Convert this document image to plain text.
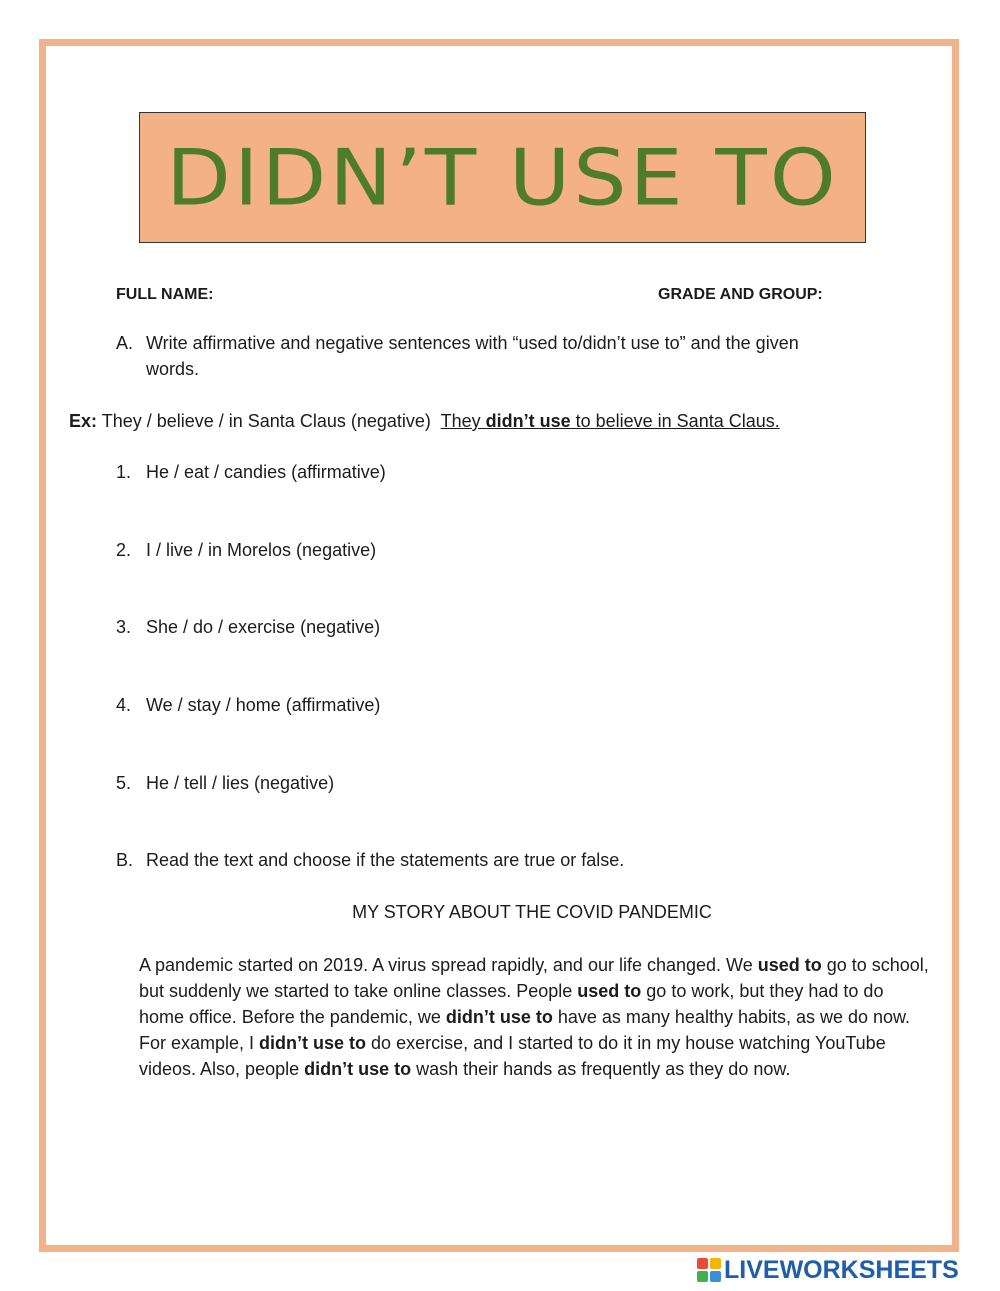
DIDN’T USE TO
FULL NAME:	GRADE AND GROUP:
A. Write affirmative and negative sentences with “used to/didn’t use to” and the given
words.
Ex: They / believe / in Santa Claus (negative) They didn’t use to believe in Santa Claus.
1. He / eat / candies (affirmative)
2. I / live / in Morelos (negative)
3. She / do / exercise (negative)
4. We / stay / home (affirmative)
5. He / tell / lies (negative)
B. Read the text and choose if the statements are true or false.
MY STORY ABOUT THE COVID PANDEMIC
A pandemic started on 2019. A virus spread rapidly, and our life changed. We used to go to school, but suddenly we started to take online classes. People used to go to work, but they had to do home office. Before the pandemic, we didn’t use to have as many healthy habits, as we do now. For example, I didn’t use to do exercise, and I started to do it in my house watching YouTube videos. Also, people didn’t use to wash their hands as frequently as they do now.
LIVEWORKSHEETS
